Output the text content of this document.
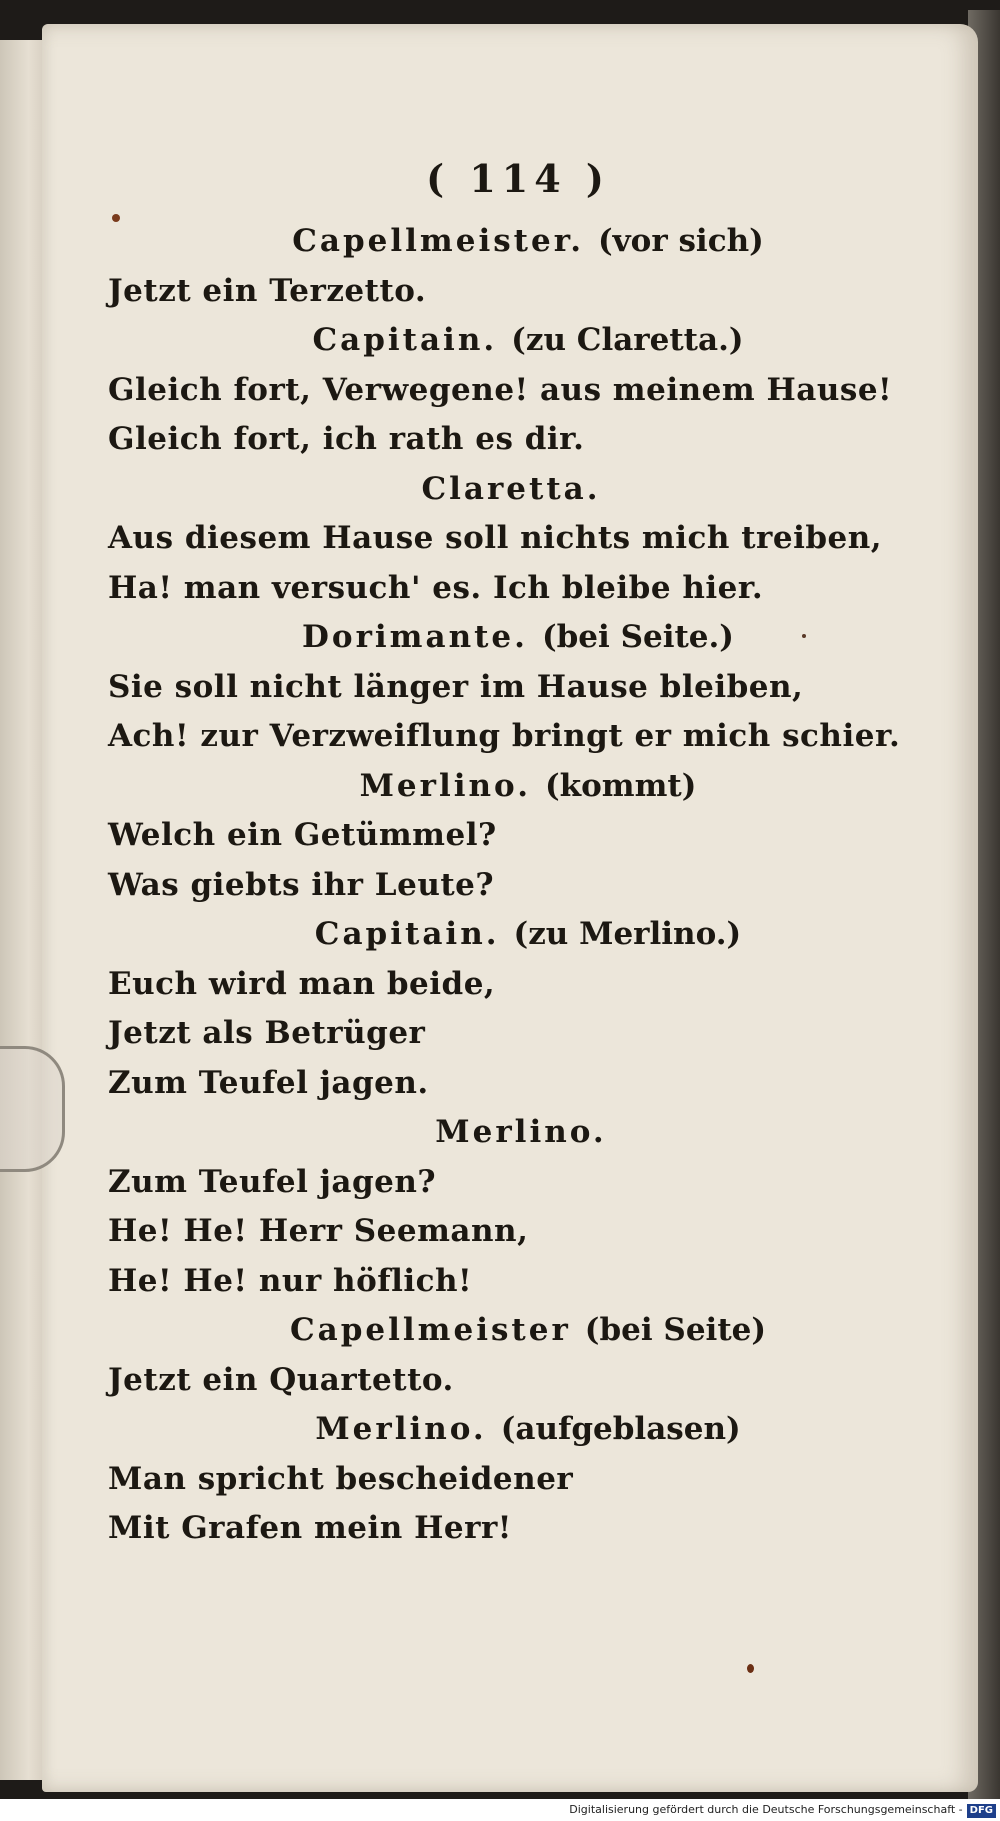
( 114 )
Capellmeister. (vor sich)
Jetzt ein Terzetto.
Capitain. (zu Claretta.)
Gleich fort, Verwegene! aus meinem Hause!
Gleich fort, ich rath es dir.
Claretta.
Aus diesem Hause soll nichts mich treiben,
Ha! man versuch' es. Ich bleibe hier.
Dorimante. (bei Seite.)
Sie soll nicht länger im Hause bleiben,
Ach! zur Verzweiflung bringt er mich schier.
Merlino. (kommt)
Welch ein Getümmel?
Was giebts ihr Leute?
Capitain. (zu Merlino.)
Euch wird man beide,
Jetzt als Betrüger
Zum Teufel jagen.
Merlino.
Zum Teufel jagen?
He! He! Herr Seemann,
He! He! nur höflich!
Capellmeister (bei Seite)
Jetzt ein Quartetto.
Merlino. (aufgeblasen)
Man spricht bescheidener
Mit Grafen mein Herr!
Digitalisierung gefördert durch die Deutsche Forschungsgemeinschaft - DFG
